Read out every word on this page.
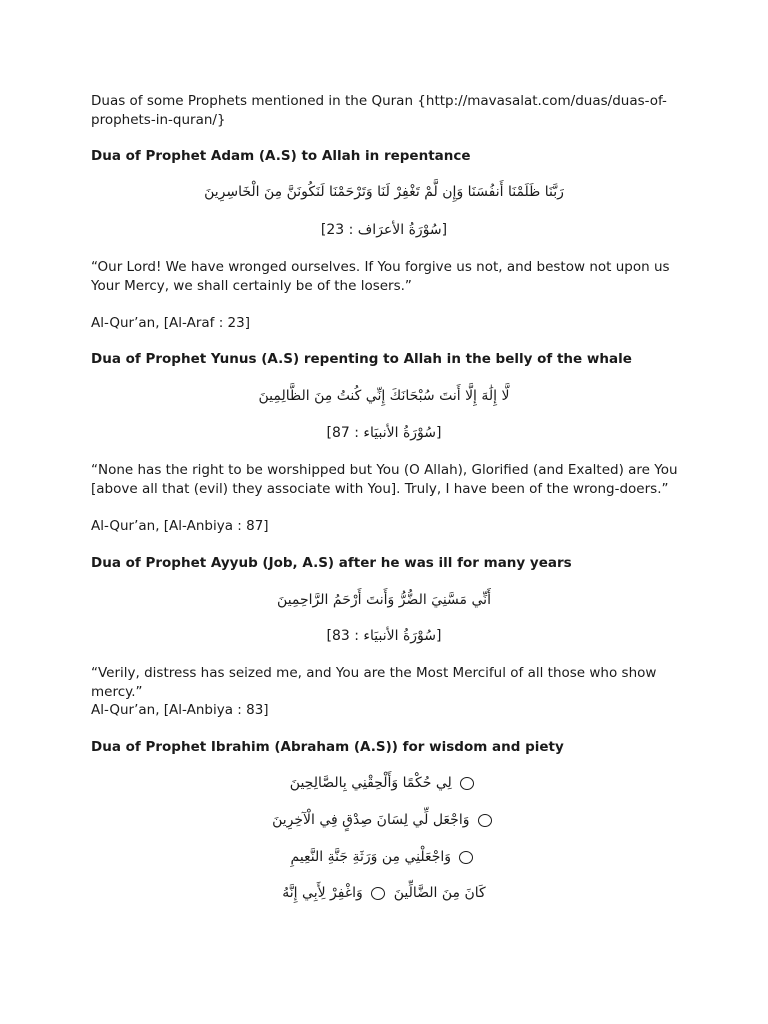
Duas of some Prophets mentioned in the Quran {http://mavasalat.com/duas/duas-of-prophets-in-quran/}
Dua of Prophet Adam (A.S) to Allah in repentance
رَبَّنَا ظَلَمْنَا أَنفُسَنَا وَإِن لَّمْ تَغْفِرْ لَنَا وَتَرْحَمْنَا لَنَكُونَنَّ مِنَ الْخَاسِرِينَ
[سُوْرَةُ الأعرَاف : 23]
“Our Lord! We have wronged ourselves. If You forgive us not, and bestow not upon us Your Mercy, we shall certainly be of the losers.”
Al-Qur’an, [Al-Araf : 23]
Dua of Prophet Yunus (A.S) repenting to Allah in the belly of the whale
لَّا إِلَٰهَ إِلَّا أَنتَ سُبْحَانَكَ إِنِّي كُنتُ مِنَ الظَّالِمِينَ
[سُوْرَةُ الأنبيَاء : 87]
“None has the right to be worshipped but You (O Allah), Glorified (and Exalted) are You [above all that (evil) they associate with You]. Truly, I have been of the wrong-doers.”
Al-Qur’an, [Al-Anbiya : 87]
Dua of Prophet Ayyub (Job, A.S) after he was ill for many years
أَنِّي مَسَّنِيَ الضُّرُّ وَأَنتَ أَرْحَمُ الرَّاحِمِينَ
[سُوْرَةُ الأنبيَاء : 83]
“Verily, distress has seized me, and You are the Most Merciful of all those who show mercy.”
Al-Qur’an, [Al-Anbiya : 83]
Dua of Prophet Ibrahim (Abraham (A.S)) for wisdom and piety
لِي حُكْمًا وَأَلْحِقْنِي بِالصَّالِحِينَ
وَاجْعَل لِّي لِسَانَ صِدْقٍ فِي الْآخِرِينَ
وَاجْعَلْنِي مِن وَرَثَةِ جَنَّةِ النَّعِيمِ
وَاغْفِرْ لِأَبِي إِنَّهُ كَانَ مِنَ الضَّالِّينَ
